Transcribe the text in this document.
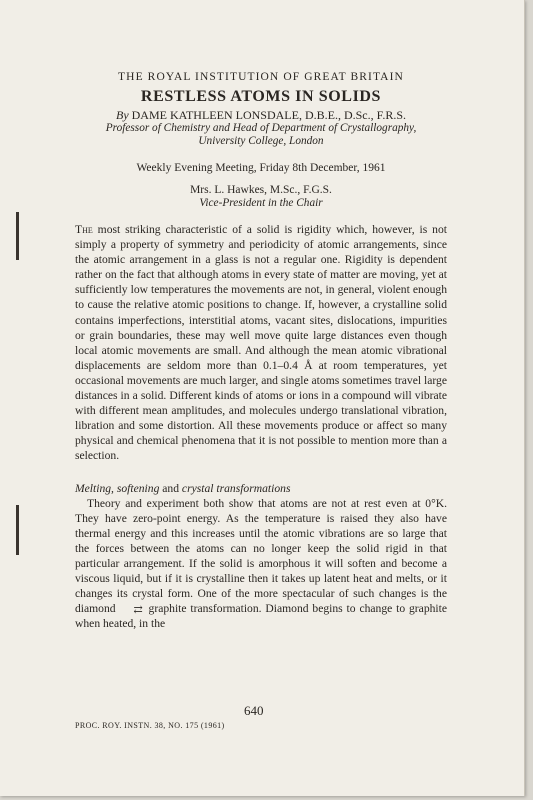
THE ROYAL INSTITUTION OF GREAT BRITAIN

RESTLESS ATOMS IN SOLIDS

By DAME KATHLEEN LONSDALE, D.B.E., D.Sc., F.R.S.

Professor of Chemistry and Head of Department of Crystallography,

University College, London

Weekly Evening Meeting, Friday 8th December, 1961

Mrs. L. Hawkes, M.Sc., F.G.S.

Vice-President in the Chair

The most striking characteristic of a solid is rigidity which, however, is not simply a property of symmetry and periodicity of atomic arrangements, since the atomic arrangement in a glass is not a regular one. Rigidity is dependent rather on the fact that although atoms in every state of matter are moving, yet at sufficiently low temperatures the movements are not, in general, violent enough to cause the relative atomic positions to change. If, however, a crystalline solid contains imperfections, interstitial atoms, vacant sites, dislocations, impurities or grain boundaries, these may well move quite large distances even though local atomic movements are small. And although the mean atomic vibrational displacements are seldom more than 0.1–0.4 Å at room temperatures, yet occasional movements are much larger, and single atoms sometimes travel large distances in a solid. Different kinds of atoms or ions in a compound will vibrate with different mean amplitudes, and molecules undergo translational vibration, libration and some distortion. All these movements produce or affect so many physical and chemical phenomena that it is not possible to mention more than a selection.

Melting, softening and crystal transformations

Theory and experiment both show that atoms are not at rest even at 0°K. They have zero-point energy. As the temperature is raised they also have thermal energy and this increases until the atomic vibrations are so large that the forces between the atoms can no longer keep the solid rigid in that particular arrangement. If the solid is amorphous it will soften and become a viscous liquid, but if it is crystalline then it takes up latent heat and melts, or it changes its crystal form. One of the more spectacular of such changes is the diamond ⇄ graphite transformation. Diamond begins to change to graphite when heated, in the

640

PROC. ROY. INSTN. 38, NO. 175 (1961)
